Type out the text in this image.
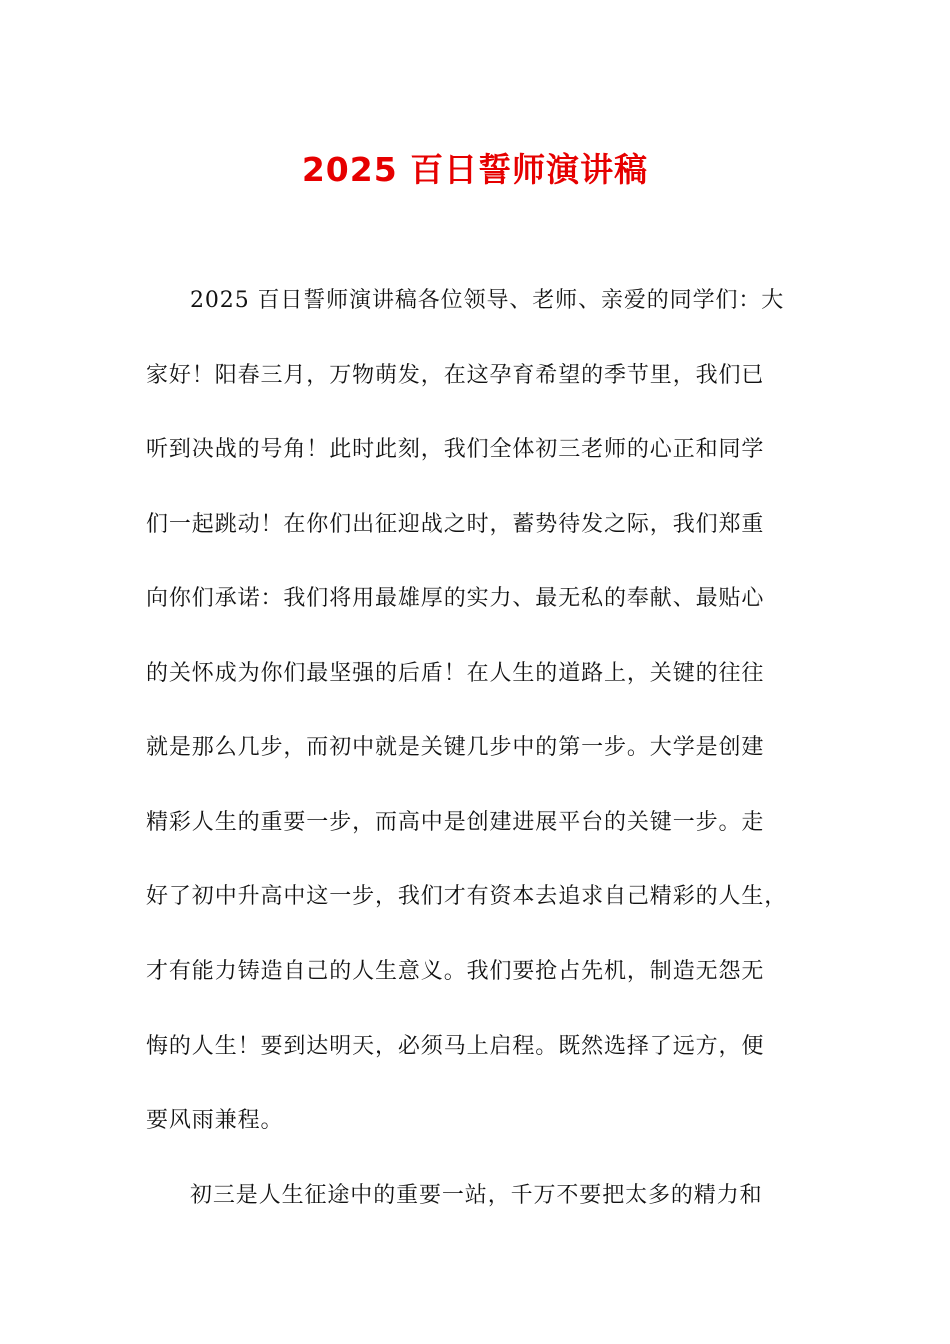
2025 百日誓师演讲稿

2025 百日誓师演讲稿各位领导、老师、亲爱的同学们：大

家好！阳春三月，万物萌发，在这孕育希望的季节里，我们已

听到决战的号角！此时此刻，我们全体初三老师的心正和同学

们一起跳动！在你们出征迎战之时，蓄势待发之际，我们郑重

向你们承诺：我们将用最雄厚的实力、最无私的奉献、最贴心

的关怀成为你们最坚强的后盾！在人生的道路上，关键的往往

就是那么几步，而初中就是关键几步中的第一步。大学是创建

精彩人生的重要一步，而高中是创建进展平台的关键一步。走

好了初中升高中这一步，我们才有资本去追求自己精彩的人生，

才有能力铸造自己的人生意义。我们要抢占先机，制造无怨无

悔的人生！要到达明天，必须马上启程。既然选择了远方，便

要风雨兼程。

初三是人生征途中的重要一站，千万不要把太多的精力和
